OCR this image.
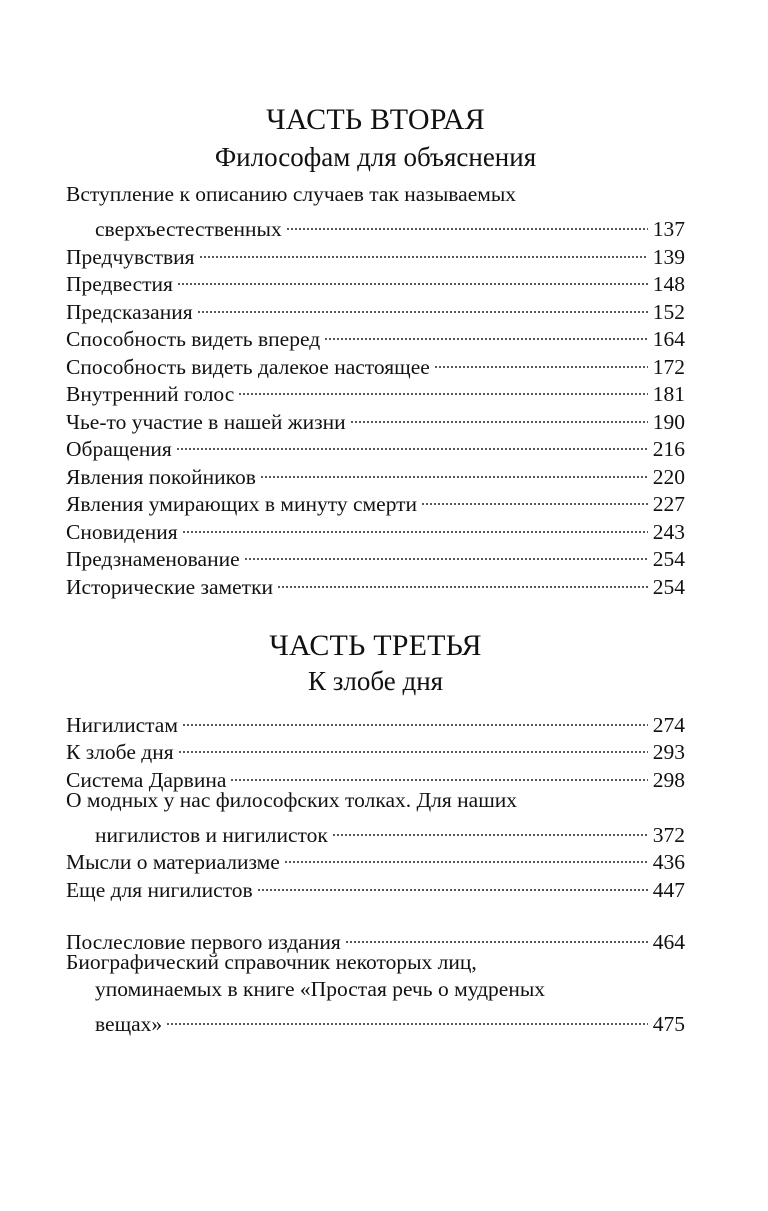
ЧАСТЬ ВТОРАЯ
Философам для объяснения
Вступление к описанию случаев так называемых
сверхъестественных	137
Предчувствия	139
Предвестия	148
Предсказания	152
Способность видеть вперед	164
Способность видеть далекое настоящее	172
Внутренний голос	181
Чье-то участие в нашей жизни	190
Обращения	216
Явления покойников	220
Явления умирающих в минуту смерти	227
Сновидения	243
Предзнаменование	254
Исторические заметки	254
ЧАСТЬ ТРЕТЬЯ
К злобе дня
Нигилистам	274
К злобе дня	293
Система Дарвина	298
О модных у нас философских толках. Для наших
нигилистов и нигилисток	372
Мысли о материализме	436
Еще для нигилистов	447
Послесловие первого издания	464
Биографический справочник некоторых лиц,
упоминаемых в книге «Простая речь о мудреных
вещах»	475
